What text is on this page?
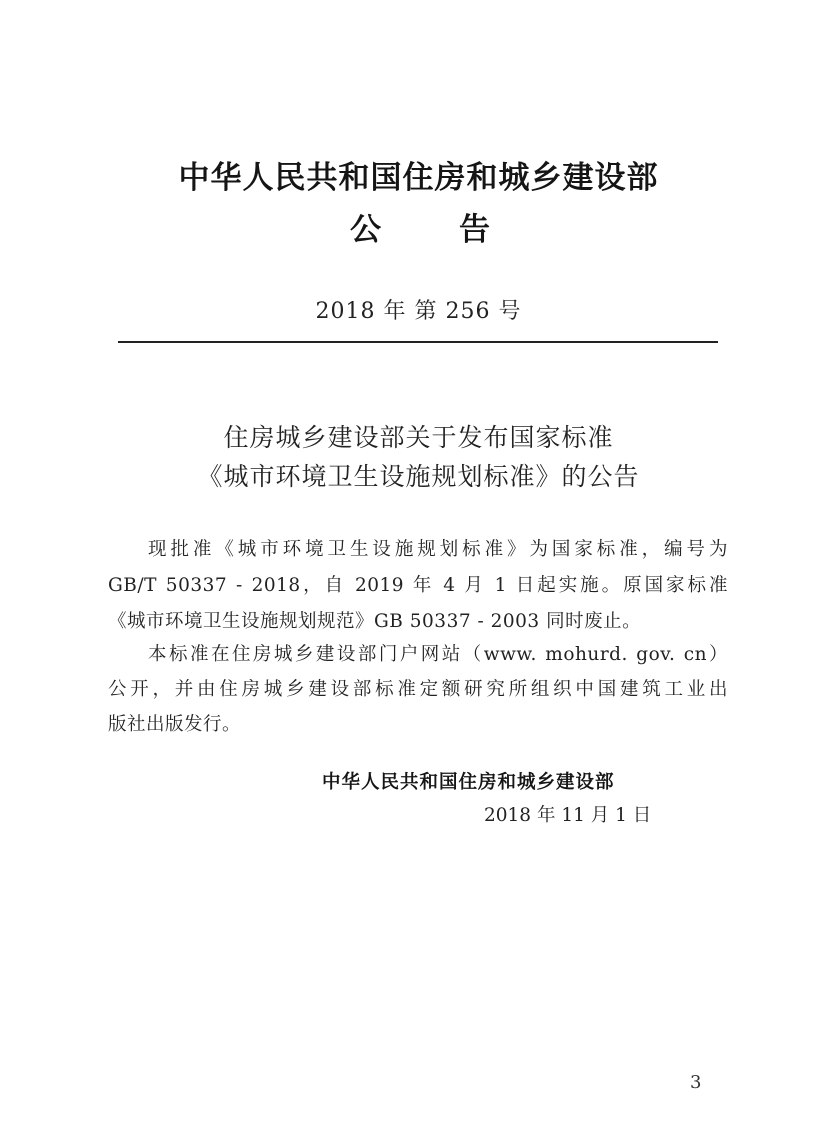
中华人民共和国住房和城乡建设部
公 告
2018 年 第 256 号
住房城乡建设部关于发布国家标准
《城市环境卫生设施规划标准》的公告
现批准《城市环境卫生设施规划标准》为国家标准，编号为
GB/T 50337 - 2018，自 2019 年 4 月 1 日起实施。原国家标准
《城市环境卫生设施规划规范》GB 50337 - 2003 同时废止。
本标准在住房城乡建设部门户网站（www. mohurd. gov. cn）
公开，并由住房城乡建设部标准定额研究所组织中国建筑工业出
版社出版发行。
中华人民共和国住房和城乡建设部
2018 年 11 月 1 日
3
